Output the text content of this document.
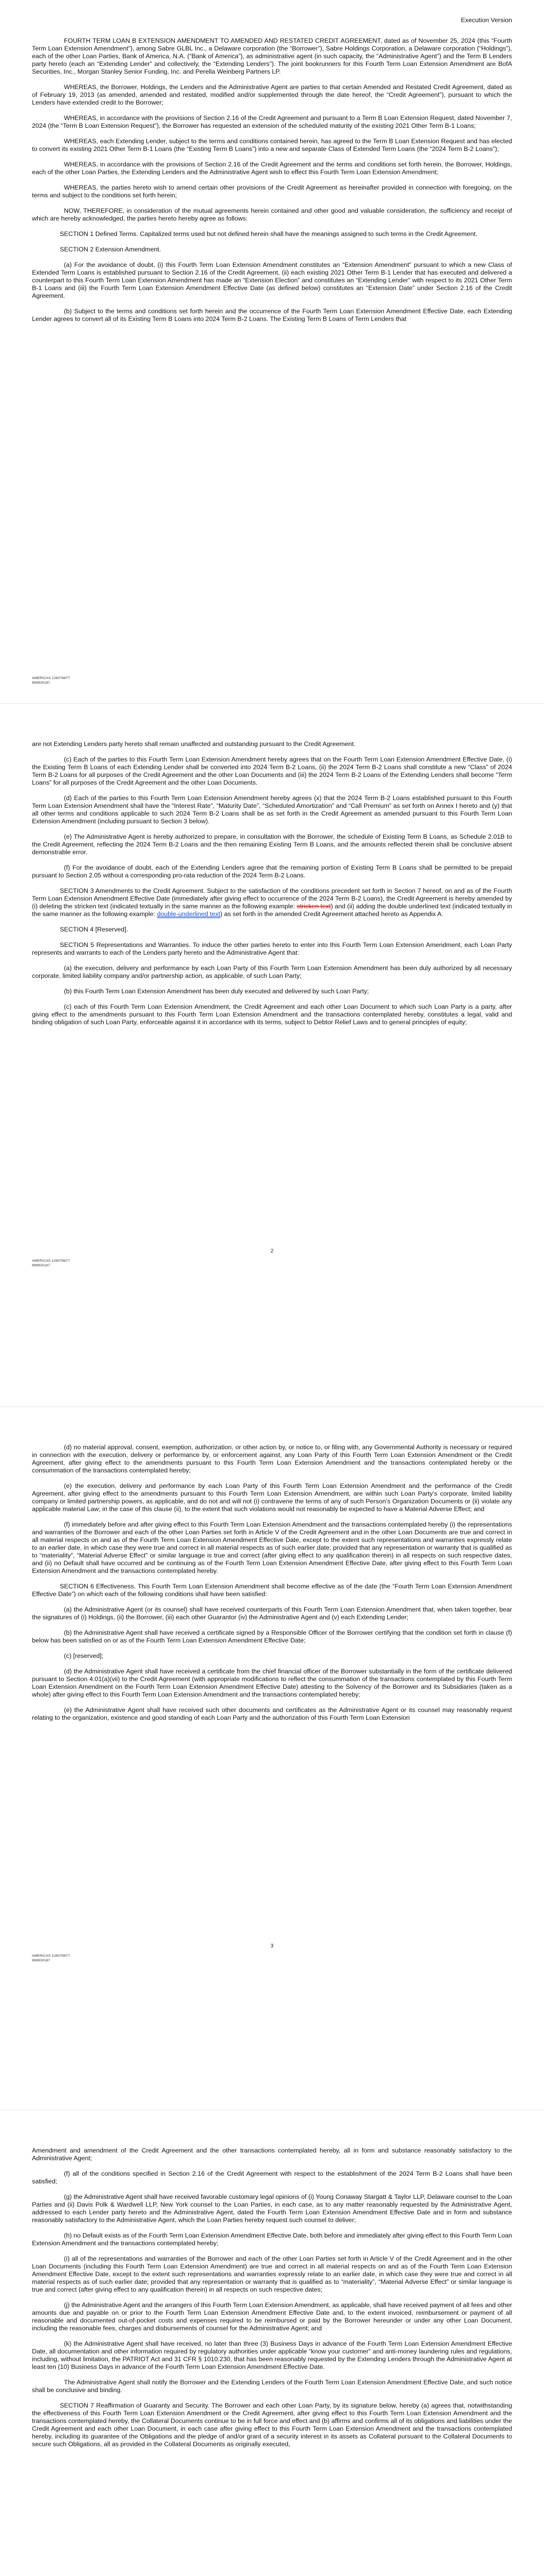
Execution Version

FOURTH TERM LOAN B EXTENSION AMENDMENT TO AMENDED AND RESTATED CREDIT AGREEMENT, dated as of November 25, 2024 (this “Fourth Term Loan Extension Amendment”), among Sabre GLBL Inc., a Delaware corporation (the “Borrower”), Sabre Holdings Corporation, a Delaware corporation (“Holdings”), each of the other Loan Parties, Bank of America, N.A. (“Bank of America”), as administrative agent (in such capacity, the “Administrative Agent”) and the Term B Lenders party hereto (each an “Extending Lender” and collectively, the “Extending Lenders”). The joint bookrunners for this Fourth Term Loan Extension Amendment are BofA Securities, Inc., Morgan Stanley Senior Funding, Inc. and Perella Weinberg Partners LP.

WHEREAS, the Borrower, Holdings, the Lenders and the Administrative Agent are parties to that certain Amended and Restated Credit Agreement, dated as of February 19, 2013 (as amended, amended and restated, modified and/or supplemented through the date hereof, the “Credit Agreement”), pursuant to which the Lenders have extended credit to the Borrower;

WHEREAS, in accordance with the provisions of Section 2.16 of the Credit Agreement and pursuant to a Term B Loan Extension Request, dated November 7, 2024 (the “Term B Loan Extension Request”), the Borrower has requested an extension of the scheduled maturity of the existing 2021 Other Term B-1 Loans;

WHEREAS, each Extending Lender, subject to the terms and conditions contained herein, has agreed to the Term B Loan Extension Request and has elected to convert its existing 2021 Other Term B-1 Loans (the “Existing Term B Loans”) into a new and separate Class of Extended Term Loans (the “2024 Term B-2 Loans”);

WHEREAS, in accordance with the provisions of Section 2.16 of the Credit Agreement and the terms and conditions set forth herein, the Borrower, Holdings, each of the other Loan Parties, the Extending Lenders and the Administrative Agent wish to effect this Fourth Term Loan Extension Amendment;

WHEREAS, the parties hereto wish to amend certain other provisions of the Credit Agreement as hereinafter provided in connection with foregoing, on the terms and subject to the conditions set forth herein;

NOW, THEREFORE, in consideration of the mutual agreements herein contained and other good and valuable consideration, the sufficiency and receipt of which are hereby acknowledged, the parties hereto hereby agree as follows:

SECTION 1 Defined Terms. Capitalized terms used but not defined herein shall have the meanings assigned to such terms in the Credit Agreement.

SECTION 2 Extension Amendment.

(a) For the avoidance of doubt, (i) this Fourth Term Loan Extension Amendment constitutes an “Extension Amendment” pursuant to which a new Class of Extended Term Loans is established pursuant to Section 2.16 of the Credit Agreement, (ii) each existing 2021 Other Term B-1 Lender that has executed and delivered a counterpart to this Fourth Term Loan Extension Amendment has made an “Extension Election” and constitutes an “Extending Lender” with respect to its 2021 Other Term B-1 Loans and (iii) the Fourth Term Loan Extension Amendment Effective Date (as defined below) constitutes an “Extension Date” under Section 2.16 of the Credit Agreement.

(b) Subject to the terms and conditions set forth herein and the occurrence of the Fourth Term Loan Extension Amendment Effective Date, each Extending Lender agrees to convert all of its Existing Term B Loans into 2024 Term B-2 Loans. The Existing Term B Loans of Term Lenders that

AMERICAS 126078677
999930187

are not Extending Lenders party hereto shall remain unaffected and outstanding pursuant to the Credit Agreement.

(c) Each of the parties to this Fourth Term Loan Extension Amendment hereby agrees that on the Fourth Term Loan Extension Amendment Effective Date, (i) the Existing Term B Loans of each Extending Lender shall be converted into 2024 Term B-2 Loans, (ii) the 2024 Term B-2 Loans shall constitute a new “Class” of 2024 Term B-2 Loans for all purposes of the Credit Agreement and the other Loan Documents and (iii) the 2024 Term B-2 Loans of the Extending Lenders shall become “Term Loans” for all purposes of the Credit Agreement and the other Loan Documents.

(d) Each of the parties to this Fourth Term Loan Extension Amendment hereby agrees (x) that the 2024 Term B-2 Loans established pursuant to this Fourth Term Loan Extension Amendment shall have the “Interest Rate”, “Maturity Date”, “Scheduled Amortization” and “Call Premium” as set forth on Annex I hereto and (y) that all other terms and conditions applicable to such 2024 Term B-2 Loans shall be as set forth in the Credit Agreement as amended pursuant to this Fourth Term Loan Extension Amendment (including pursuant to Section 3 below).

(e) The Administrative Agent is hereby authorized to prepare, in consultation with the Borrower, the schedule of Existing Term B Loans, as Schedule 2.01B to the Credit Agreement, reflecting the 2024 Term B-2 Loans and the then remaining Existing Term B Loans, and the amounts reflected therein shall be conclusive absent demonstrable error.

(f) For the avoidance of doubt, each of the Extending Lenders agree that the remaining portion of Existing Term B Loans shall be permitted to be prepaid pursuant to Section 2.05 without a corresponding pro-rata reduction of the 2024 Term B-2 Loans.

SECTION 3 Amendments to the Credit Agreement. Subject to the satisfaction of the conditions precedent set forth in Section 7 hereof, on and as of the Fourth Term Loan Extension Amendment Effective Date (immediately after giving effect to occurrence of the 2024 Term B-2 Loans), the Credit Agreement is hereby amended by (i) deleting the stricken text (indicated textually in the same manner as the following example: stricken text) and (ii) adding the double underlined text (indicated textually in the same manner as the following example: double-underlined text) as set forth in the amended Credit Agreement attached hereto as Appendix A.

SECTION 4 [Reserved].

SECTION 5 Representations and Warranties. To induce the other parties hereto to enter into this Fourth Term Loan Extension Amendment, each Loan Party represents and warrants to each of the Lenders party hereto and the Administrative Agent that:

(a) the execution, delivery and performance by each Loan Party of this Fourth Term Loan Extension Amendment has been duly authorized by all necessary corporate, limited liability company and/or partnership action, as applicable, of such Loan Party;

(b) this Fourth Term Loan Extension Amendment has been duly executed and delivered by such Loan Party;

(c) each of this Fourth Term Loan Extension Amendment, the Credit Agreement and each other Loan Document to which such Loan Party is a party, after giving effect to the amendments pursuant to this Fourth Term Loan Extension Amendment and the transactions contemplated hereby, constitutes a legal, valid and binding obligation of such Loan Party, enforceable against it in accordance with its terms, subject to Debtor Relief Laws and to general principles of equity;

2
AMERICAS 126078677
999930187

(d) no material approval, consent, exemption, authorization, or other action by, or notice to, or filing with, any Governmental Authority is necessary or required in connection with the execution, delivery or performance by, or enforcement against, any Loan Party of this Fourth Term Loan Extension Amendment or the Credit Agreement, after giving effect to the amendments pursuant to this Fourth Term Loan Extension Amendment and the transactions contemplated hereby or the consummation of the transactions contemplated hereby;

(e) the execution, delivery and performance by each Loan Party of this Fourth Term Loan Extension Amendment and the performance of the Credit Agreement, after giving effect to the amendments pursuant to this Fourth Term Loan Extension Amendment, are within such Loan Party’s corporate, limited liability company or limited partnership powers, as applicable, and do not and will not (i) contravene the terms of any of such Person’s Organization Documents or (ii) violate any applicable material Law; in the case of this clause (ii), to the extent that such violations would not reasonably be expected to have a Material Adverse Effect; and

(f) immediately before and after giving effect to this Fourth Term Loan Extension Amendment and the transactions contemplated hereby (i) the representations and warranties of the Borrower and each of the other Loan Parties set forth in Article V of the Credit Agreement and in the other Loan Documents are true and correct in all material respects on and as of the Fourth Term Loan Extension Amendment Effective Date, except to the extent such representations and warranties expressly relate to an earlier date, in which case they were true and correct in all material respects as of such earlier date; provided that any representation or warranty that is qualified as to “materiality”, “Material Adverse Effect” or similar language is true and correct (after giving effect to any qualification therein) in all respects on such respective dates, and (ii) no Default shall have occurred and be continuing as of the Fourth Term Loan Extension Amendment Effective Date, after giving effect to this Fourth Term Loan Extension Amendment and the transactions contemplated hereby.

SECTION 6 Effectiveness. This Fourth Term Loan Extension Amendment shall become effective as of the date (the “Fourth Term Loan Extension Amendment Effective Date”) on which each of the following conditions shall have been satisfied:

(a) the Administrative Agent (or its counsel) shall have received counterparts of this Fourth Term Loan Extension Amendment that, when taken together, bear the signatures of (i) Holdings, (ii) the Borrower, (iii) each other Guarantor (iv) the Administrative Agent and (v) each Extending Lender;

(b) the Administrative Agent shall have received a certificate signed by a Responsible Officer of the Borrower certifying that the condition set forth in clause (f) below has been satisfied on or as of the Fourth Term Loan Extension Amendment Effective Date;

(c) [reserved];

(d) the Administrative Agent shall have received a certificate from the chief financial officer of the Borrower substantially in the form of the certificate delivered pursuant to Section 4.01(a)(vii) to the Credit Agreement (with appropriate modifications to reflect the consummation of the transactions contemplated by this Fourth Term Loan Extension Amendment on the Fourth Term Loan Extension Amendment Effective Date) attesting to the Solvency of the Borrower and its Subsidiaries (taken as a whole) after giving effect to this Fourth Term Loan Extension Amendment and the transactions contemplated hereby;

(e) the Administrative Agent shall have received such other documents and certificates as the Administrative Agent or its counsel may reasonably request relating to the organization, existence and good standing of each Loan Party and the authorization of this Fourth Term Loan Extension

3
AMERICAS 126078677
999930187

Amendment and amendment of the Credit Agreement and the other transactions contemplated hereby, all in form and substance reasonably satisfactory to the Administrative Agent;

(f) all of the conditions specified in Section 2.16 of the Credit Agreement with respect to the establishment of the 2024 Term B-2 Loans shall have been satisfied;

(g) the Administrative Agent shall have received favorable customary legal opinions of (i) Young Conaway Stargatt & Taylor LLP, Delaware counsel to the Loan Parties and (ii) Davis Polk & Wardwell LLP, New York counsel to the Loan Parties, in each case, as to any matter reasonably requested by the Administrative Agent, addressed to each Lender party hereto and the Administrative Agent, dated the Fourth Term Loan Extension Amendment Effective Date and in form and substance reasonably satisfactory to the Administrative Agent, which the Loan Parties hereby request such counsel to deliver;

(h) no Default exists as of the Fourth Term Loan Extension Amendment Effective Date, both before and immediately after giving effect to this Fourth Term Loan Extension Amendment and the transactions contemplated hereby;

(i) all of the representations and warranties of the Borrower and each of the other Loan Parties set forth in Article V of the Credit Agreement and in the other Loan Documents (including this Fourth Term Loan Extension Amendment) are true and correct in all material respects on and as of the Fourth Term Loan Extension Amendment Effective Date, except to the extent such representations and warranties expressly relate to an earlier date, in which case they were true and correct in all material respects as of such earlier date; provided that any representation or warranty that is qualified as to “materiality”, “Material Adverse Effect” or similar language is true and correct (after giving effect to any qualification therein) in all respects on such respective dates;

(j) the Administrative Agent and the arrangers of this Fourth Term Loan Extension Amendment, as applicable, shall have received payment of all fees and other amounts due and payable on or prior to the Fourth Term Loan Extension Amendment Effective Date and, to the extent invoiced, reimbursement or payment of all reasonable and documented out-of-pocket costs and expenses required to be reimbursed or paid by the Borrower hereunder or under any other Loan Document, including the reasonable fees, charges and disbursements of counsel for the Administrative Agent; and

(k) the Administrative Agent shall have received, no later than three (3) Business Days in advance of the Fourth Term Loan Extension Amendment Effective Date, all documentation and other information required by regulatory authorities under applicable “know your customer” and anti-money laundering rules and regulations, including, without limitation, the PATRIOT Act and 31 CFR § 1010.230, that has been reasonably requested by the Extending Lenders through the Administrative Agent at least ten (10) Business Days in advance of the Fourth Term Loan Extension Amendment Effective Date.

The Administrative Agent shall notify the Borrower and the Extending Lenders of the Fourth Term Loan Extension Amendment Effective Date, and such notice shall be conclusive and binding.

SECTION 7 Reaffirmation of Guaranty and Security. The Borrower and each other Loan Party, by its signature below, hereby (a) agrees that, notwithstanding the effectiveness of this Fourth Term Loan Extension Amendment or the Credit Agreement, after giving effect to this Fourth Term Loan Extension Amendment and the transactions contemplated hereby, the Collateral Documents continue to be in full force and effect and (b) affirms and confirms all of its obligations and liabilities under the Credit Agreement and each other Loan Document, in each case after giving effect to this Fourth Term Loan Extension Amendment and the transactions contemplated hereby, including its guarantee of the Obligations and the pledge of and/or grant of a security interest in its assets as Collateral pursuant to the Collateral Documents to secure such Obligations, all as provided in the Collateral Documents as originally executed,
